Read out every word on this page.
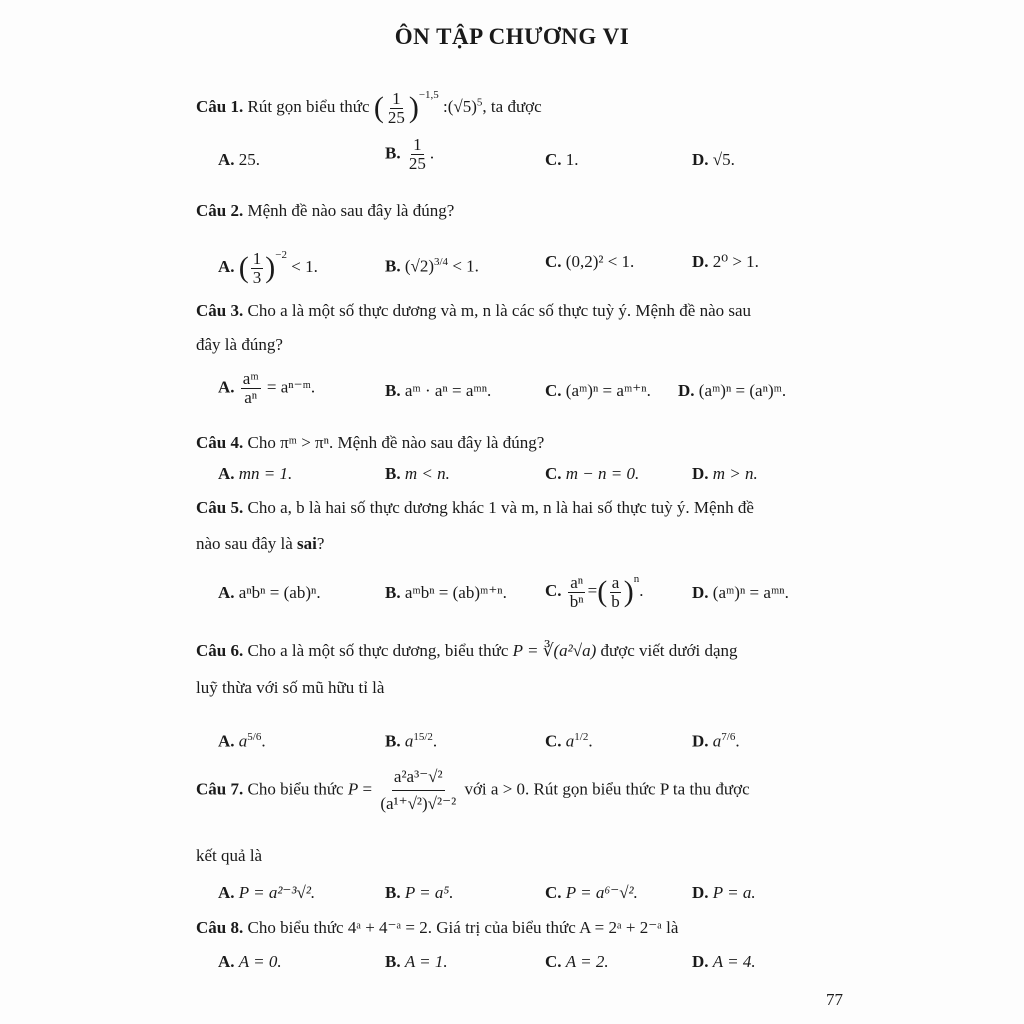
ÔN TẬP CHƯƠNG VI
Câu 1. Rút gọn biểu thức ( $\frac{1}{25} )^{-1,5}$ $:(√5)^5$, ta được
A. 25.	B. $\frac{1}{25}$ .	C. 1.	D. √5.
Câu 2. Mệnh đề nào sau đây là đúng?
A. ( $\frac{1}{3} )^{-2} < 1$.	B. $(√2)^{3/4} < 1$.	C. (0,2)² < 1.	D. 2⁰ > 1.
Câu 3. Cho a là một số thực dương và m, n là các số thực tuỳ ý. Mệnh đề nào sau
đây là đúng?
A. $\frac{\text{aᵐ}}{\text{aⁿ}}$ = aⁿ⁻ᵐ.	B. aᵐ · aⁿ = aᵐⁿ.	C. (aᵐ)ⁿ = aᵐ⁺ⁿ. D. (aᵐ)ⁿ = (aⁿ)ᵐ.
Câu 4. Cho πᵐ > πⁿ. Mệnh đề nào sau đây là đúng?
A. mn = 1.	B. m < n.	C. m − n = 0.	D. m > n.
Câu 5. Cho a, b là hai số thực dương khác 1 và m, n là hai số thực tuỳ ý. Mệnh đề
nào sau đây là sai?
A. aⁿbⁿ = (ab)ⁿ.	B. aᵐbⁿ = (ab)ᵐ⁺ⁿ. C. $\frac{\text{aⁿ}}{\text{bⁿ}}$ =( $\frac{a}{b} )^n$.	D. (aᵐ)ⁿ = aᵐⁿ.
Câu 6. Cho a là một số thực dương, biểu thức P = ∛(a²√a) được viết dưới dạng
luỹ thừa với số mũ hữu tỉ là
A. $a^{5/6}$.	B. $a^{15/2}$.	C. $a^{1/2}$.	D. $a^{7/6}$.
Câu 7. Cho biểu thức $P = \frac{\text{a²a³⁻√²}}{\text{(a¹⁺√²)√²⁻²}}$ với a > 0. Rút gọn biểu thức P ta thu được
kết quả là
A. P = a²⁻³√².	B. P = a⁵.	C. P = a⁶⁻√².	D. P = a.
Câu 8. Cho biểu thức 4ᵃ + 4⁻ᵃ = 2. Giá trị của biểu thức A = 2ᵃ + 2⁻ᵃ là
A. A = 0.	B. A = 1.	C. A = 2.	D. A = 4.
77
